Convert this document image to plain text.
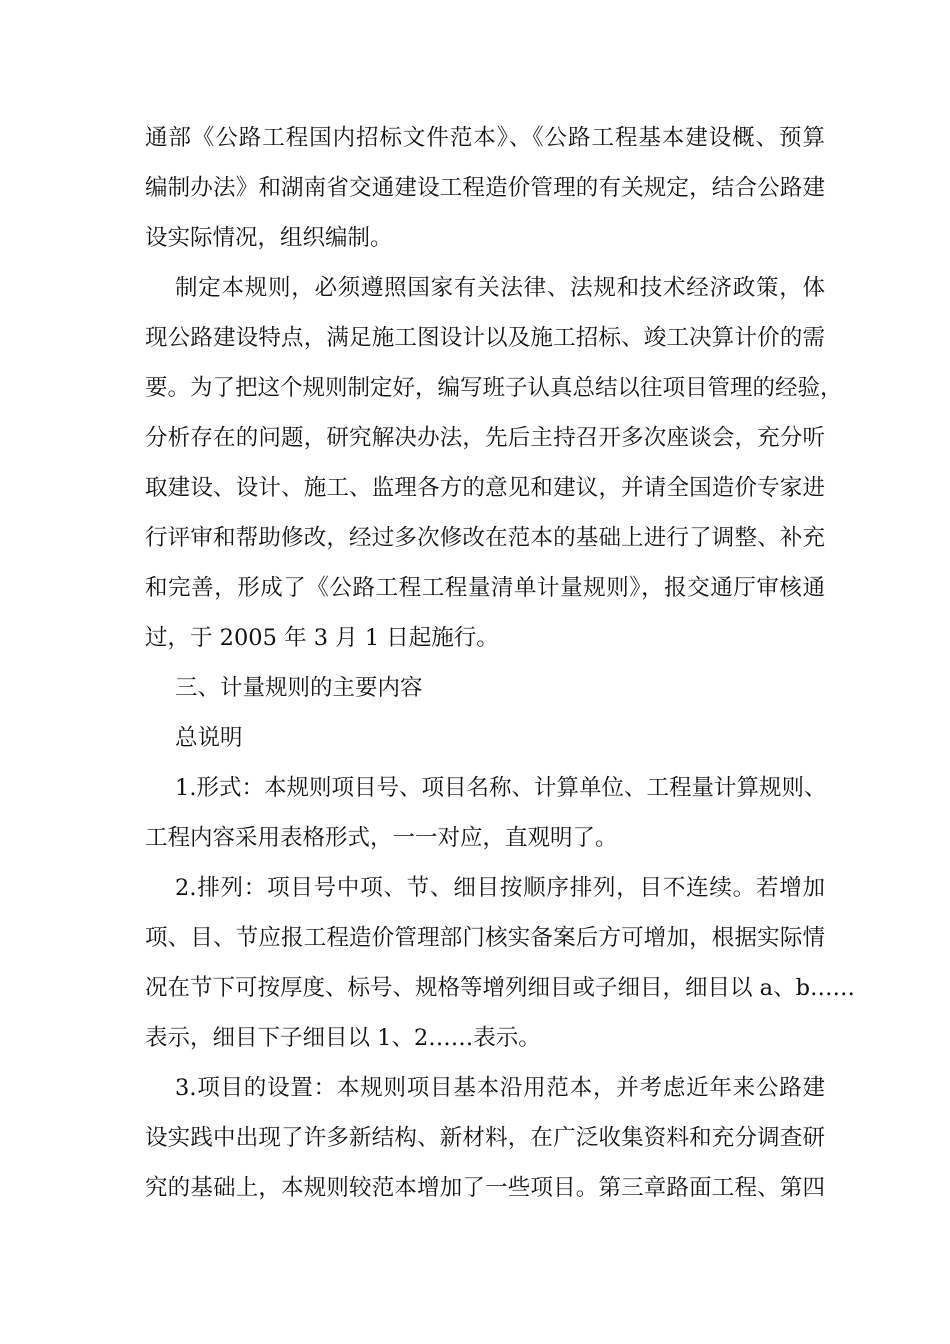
通部《公路工程国内招标文件范本》、《公路工程基本建设概、预算

编制办法》和湖南省交通建设工程造价管理的有关规定，结合公路建

设实际情况，组织编制。

制定本规则，必须遵照国家有关法律、法规和技术经济政策，体

现公路建设特点，满足施工图设计以及施工招标、竣工决算计价的需

要。为了把这个规则制定好，编写班子认真总结以往项目管理的经验，

分析存在的问题，研究解决办法，先后主持召开多次座谈会，充分听

取建设、设计、施工、监理各方的意见和建议，并请全国造价专家进

行评审和帮助修改，经过多次修改在范本的基础上进行了调整、补充

和完善，形成了《公路工程工程量清单计量规则》，报交通厅审核通

过，于 2005 年 3 月 1 日起施行。

三、计量规则的主要内容

总说明

1.形式：本规则项目号、项目名称、计算单位、工程量计算规则、

工程内容采用表格形式，一一对应，直观明了。

2.排列：项目号中项、节、细目按顺序排列，目不连续。若增加

项、目、节应报工程造价管理部门核实备案后方可增加，根据实际情

况在节下可按厚度、标号、规格等增列细目或子细目，细目以 a、b……

表示，细目下子细目以 1、2……表示。

3.项目的设置：本规则项目基本沿用范本，并考虑近年来公路建

设实践中出现了许多新结构、新材料，在广泛收集资料和充分调查研

究的基础上，本规则较范本增加了一些项目。第三章路面工程、第四
